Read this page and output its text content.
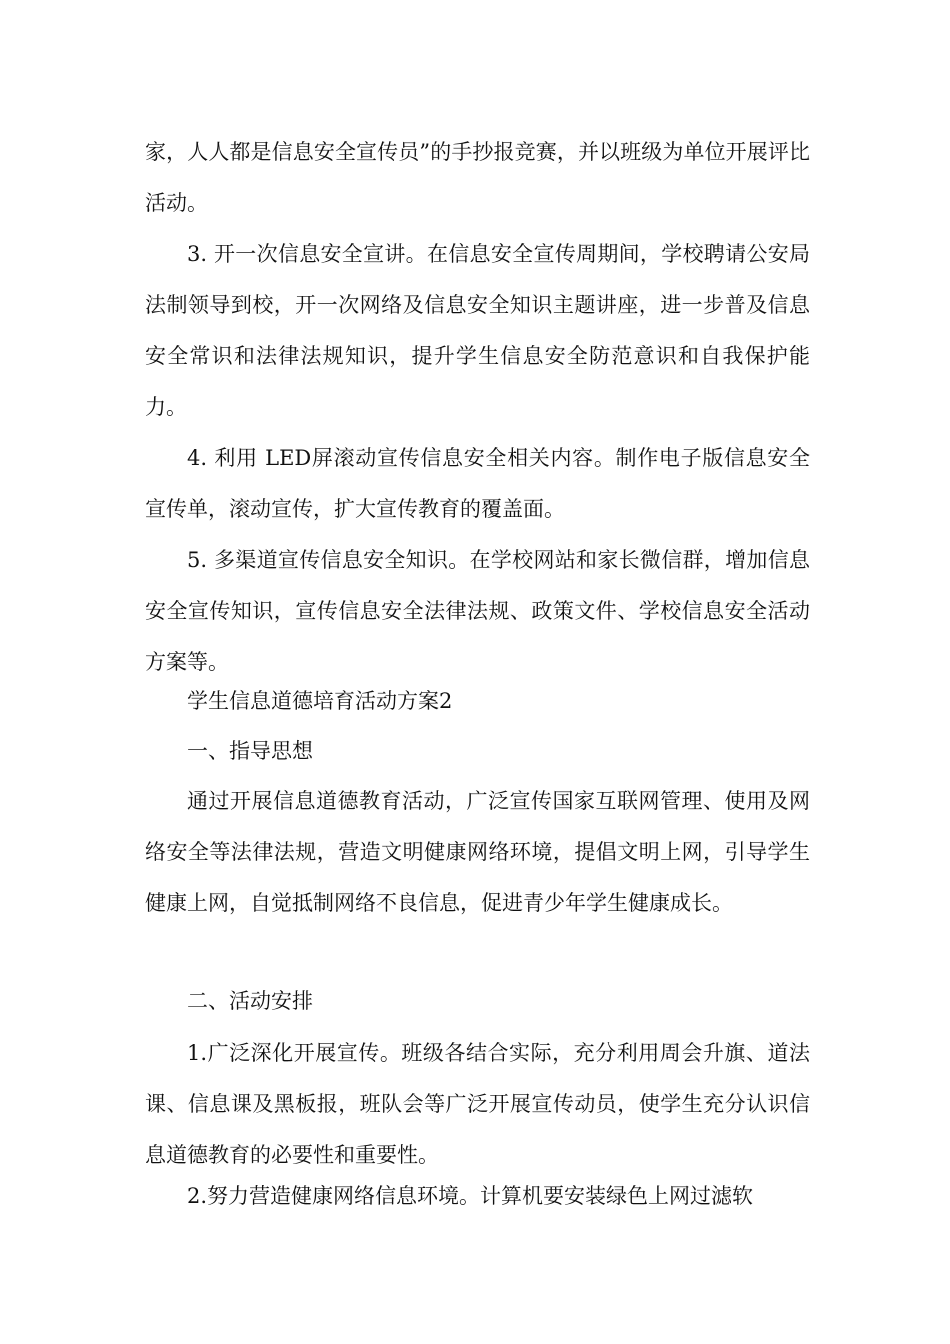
家，人人都是信息安全宣传员”的手抄报竞赛，并以班级为单位开展评比活动。

3. 开一次信息安全宣讲。在信息安全宣传周期间，学校聘请公安局法制领导到校，开一次网络及信息安全知识主题讲座，进一步普及信息安全常识和法律法规知识，提升学生信息安全防范意识和自我保护能力。

4. 利用 LED屏滚动宣传信息安全相关内容。制作电子版信息安全宣传单，滚动宣传，扩大宣传教育的覆盖面。

5. 多渠道宣传信息安全知识。在学校网站和家长微信群，增加信息安全宣传知识，宣传信息安全法律法规、政策文件、学校信息安全活动方案等。

学生信息道德培育活动方案2

一、指导思想

通过开展信息道德教育活动，广泛宣传国家互联网管理、使用及网络安全等法律法规，营造文明健康网络环境，提倡文明上网，引导学生健康上网，自觉抵制网络不良信息，促进青少年学生健康成长。

二、活动安排

1.广泛深化开展宣传。班级各结合实际，充分利用周会升旗、道法课、信息课及黑板报，班队会等广泛开展宣传动员，使学生充分认识信息道德教育的必要性和重要性。

2.努力营造健康网络信息环境。计算机要安装绿色上网过滤软
